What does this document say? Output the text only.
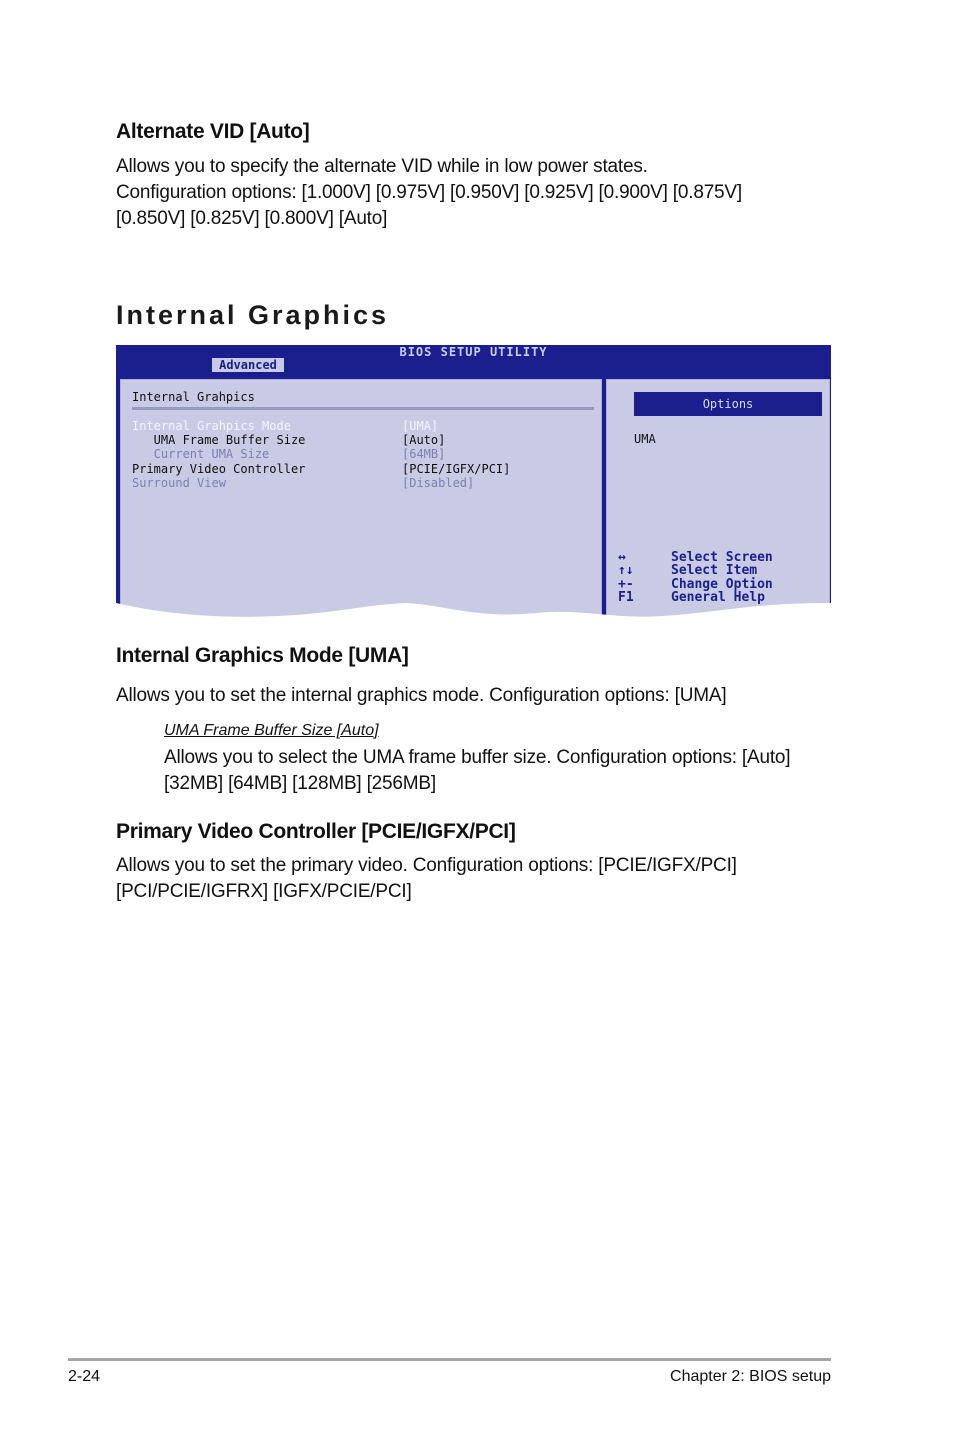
Alternate VID [Auto]

Allows you to specify the alternate VID while in low power states.

Configuration options: [1.000V] [0.975V] [0.950V] [0.925V] [0.900V] [0.875V]

[0.850V] [0.825V] [0.800V] [Auto]

Internal Graphics
BIOS SETUP UTILITY
Advanced
Internal Grahpics
Internal Grahpics Mode	[UMA]
UMA Frame Buffer Size	[Auto]
Current UMA Size	[64MB]
Primary Video Controller	[PCIE/IGFX/PCI]
Surround View	[Disabled]
Options
UMA
↔	Select Screen
↑↓	Select Item
+-	Change Option
F1	General Help
Internal Graphics Mode [UMA]

Allows you to set the internal graphics mode. Configuration options: [UMA]

UMA Frame Buffer Size [Auto]

Allows you to select the UMA frame buffer size. Configuration options: [Auto]

[32MB] [64MB] [128MB] [256MB]

Primary Video Controller [PCIE/IGFX/PCI]

Allows you to set the primary video. Configuration options: [PCIE/IGFX/PCI]

[PCI/PCIE/IGFRX] [IGFX/PCIE/PCI]

2-24	Chapter 2: BIOS setup
